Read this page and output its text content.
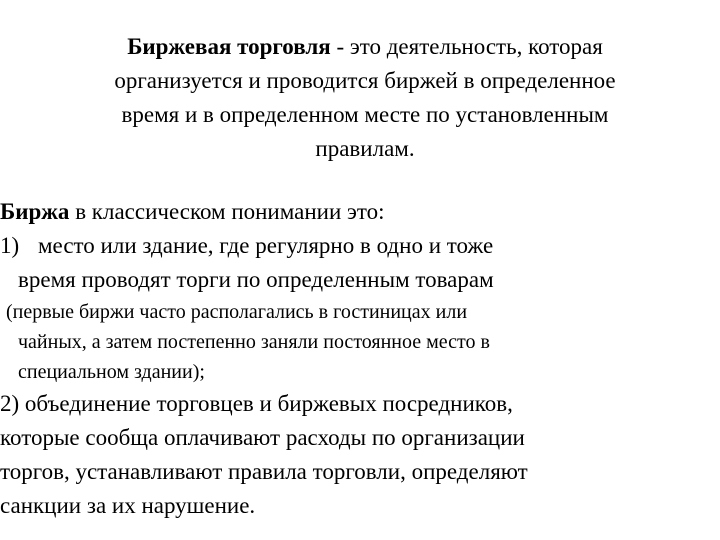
Биржевая торговля - это деятельность, которая
организуется и проводится биржей в определенное
время и в определенном месте по установленным
правилам.
Биржа в классическом понимании это:
1) место или здание, где регулярно в одно и тоже
время проводят торги по определенным товарам
(первые биржи часто располагались в гостиницах или
чайных, а затем постепенно заняли постоянное место в
специальном здании);
2) объединение торговцев и биржевых посредников,
которые сообща оплачивают расходы по организации
торгов, устанавливают правила торговли, определяют
санкции за их нарушение.
